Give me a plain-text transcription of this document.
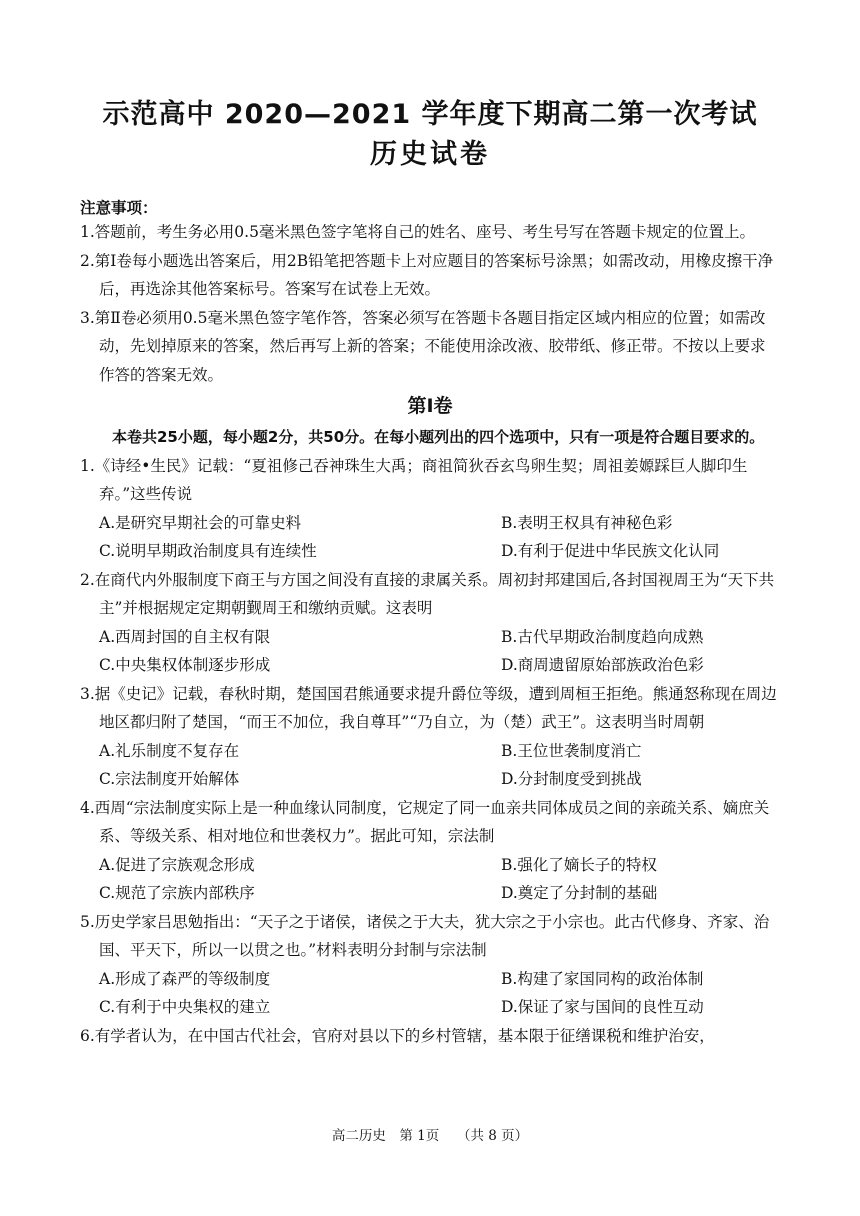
示范高中 2020—2021 学年度下期高二第一次考试
历史试卷
注意事项：
1.答题前，考生务必用0.5毫米黑色签字笔将自己的姓名、座号、考生号写在答题卡规定的位置上。
2.第Ⅰ卷每小题选出答案后，用2B铅笔把答题卡上对应题目的答案标号涂黑；如需改动，用橡皮擦干净后，再选涂其他答案标号。答案写在试卷上无效。
3.第Ⅱ卷必须用0.5毫米黑色签字笔作答，答案必须写在答题卡各题目指定区域内相应的位置；如需改动，先划掉原来的答案，然后再写上新的答案；不能使用涂改液、胶带纸、修正带。不按以上要求作答的答案无效。
第Ⅰ卷
本卷共25小题，每小题2分，共50分。在每小题列出的四个选项中，只有一项是符合题目要求的。
1.《诗经•生民》记载：“夏祖修己吞神珠生大禹；商祖简狄吞玄鸟卵生契；周祖姜嫄踩巨人脚印生弃。”这些传说
A.是研究早期社会的可靠史料	B.表明王权具有神秘色彩
C.说明早期政治制度具有连续性	D.有利于促进中华民族文化认同
2.在商代内外服制度下商王与方国之间没有直接的隶属关系。周初封邦建国后,各封国视周王为“天下共主”并根据规定定期朝觐周王和缴纳贡赋。这表明
A.西周封国的自主权有限	B.古代早期政治制度趋向成熟
C.中央集权体制逐步形成	D.商周遗留原始部族政治色彩
3.据《史记》记载，春秋时期，楚国国君熊通要求提升爵位等级，遭到周桓王拒绝。熊通怒称现在周边地区都归附了楚国，“而王不加位，我自尊耳”“乃自立，为（楚）武王”。这表明当时周朝
A.礼乐制度不复存在	B.王位世袭制度消亡
C.宗法制度开始解体	D.分封制度受到挑战
4.西周“宗法制度实际上是一种血缘认同制度，它规定了同一血亲共同体成员之间的亲疏关系、嫡庶关系、等级关系、相对地位和世袭权力”。据此可知，宗法制
A.促进了宗族观念形成	B.强化了嫡长子的特权
C.规范了宗族内部秩序	D.奠定了分封制的基础
5.历史学家吕思勉指出：“天子之于诸侯，诸侯之于大夫，犹大宗之于小宗也。此古代修身、齐家、治国、平天下，所以一以贯之也。”材料表明分封制与宗法制
A.形成了森严的等级制度	B.构建了家国同构的政治体制
C.有利于中央集权的建立	D.保证了家与国间的良性互动
6.有学者认为，在中国古代社会，官府对县以下的乡村管辖，基本限于征缮课税和维护治安，
高二历史　第 1页　 （共 8 页）
